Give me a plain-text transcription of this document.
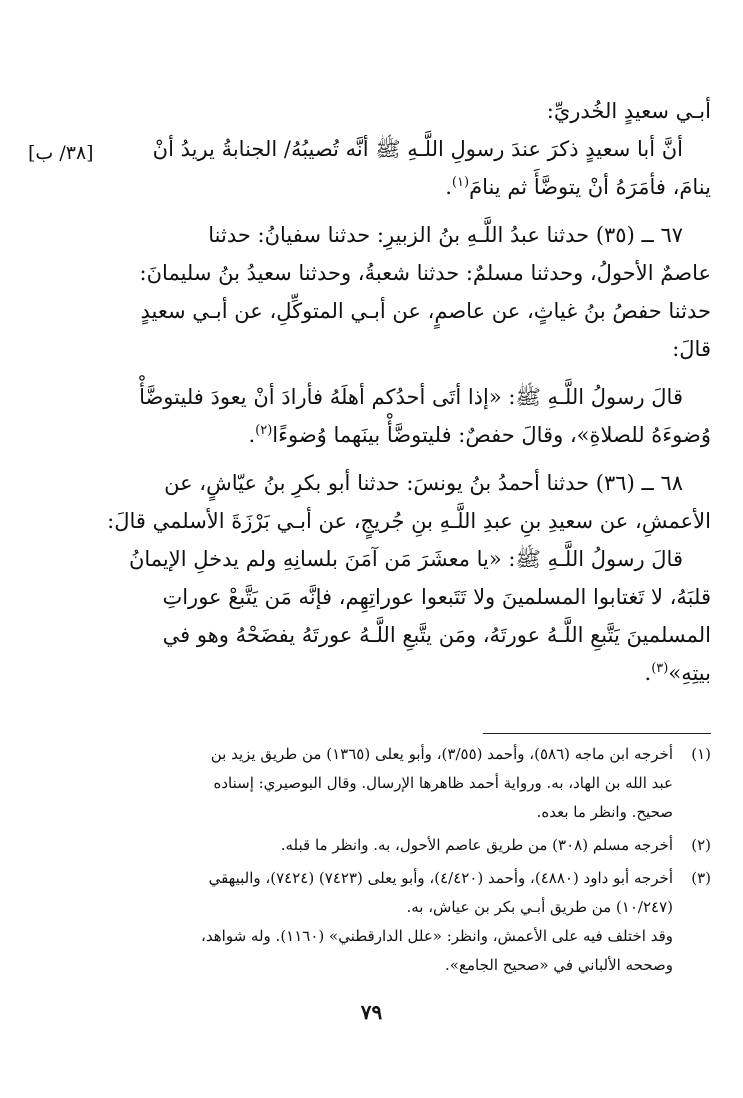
[٣٨/ ب]

أبـي سعيدٍ الخُدريِّ:

أنَّ أبا سعيدٍ ذكرَ عندَ رسولِ اللَّـهِ ﷺ أنَّه تُصيبُهُ/ الجنابةُ يريدُ أنْ

ينامَ، فأمَرَهُ أنْ يتوضَّأَ ثم ينامَ$^{(١)}$.

٦٧ ــ (٣٥) حدثنا عبدُ اللَّـهِ بنُ الزبيرِ: حدثنا سفيانُ: حدثنا

عاصمٌ الأحولُ، وحدثنا مسلمٌ: حدثنا شعبةُ، وحدثنا سعيدُ بنُ سليمانَ:

حدثنا حفصُ بنُ غياثٍ، عن عاصمٍ، عن أبـي المتوكِّلِ، عن أبـي سعيدٍ

قالَ:

قالَ رسولُ اللَّـهِ ﷺ: «إذا أتَى أحدُكم أهلَهُ فأرادَ أنْ يعودَ فليتوضَّأْ

وُضوءَهُ للصلاةِ»، وقالَ حفصٌ: فليتوضَّأْ بينَهما وُضوءًا$^{(٢)}$.

٦٨ ــ (٣٦) حدثنا أحمدُ بنُ يونسَ: حدثنا أبو بكرِ بنُ عيّاشٍ، عن

الأعمشِ، عن سعيدِ بنِ عبدِ اللَّـهِ بنِ جُريجٍ، عن أبـي بَرْزَةَ الأسلمي قالَ:

قالَ رسولُ اللَّـهِ ﷺ: «يا معشَرَ مَن آمَنَ بلسانِهِ ولم يدخلِ الإيمانُ

قلبَهُ، لا تَغتابوا المسلمينَ ولا تَتَبعوا عوراتِهِم، فإنَّه مَن يَتَّبعْ عوراتِ

المسلمينَ يَتَّبعِ اللَّـهُ عورتَهُ، ومَن يتَّبعِ اللَّـهُ عورتَهُ يفضَحْهُ وهو في

بيتِهِ»$^{(٣)}$.

(١)
أخرجه ابن ماجه (٥٨٦)، وأحمد (٣/٥٥)، وأبو يعلى (١٣٦٥) من طريق يزيد بن
عبد الله بن الهاد، به. ورواية أحمد ظاهرها الإرسال. وقال البوصيري: إسناده
صحيح. وانظر ما بعده.
(٢)
أخرجه مسلم (٣٠٨) من طريق عاصم الأحول، به. وانظر ما قبله.
(٣)
أخرجه أبو داود (٤٨٨٠)، وأحمد (٤/٤٢٠)، وأبو يعلى (٧٤٢٣) (٧٤٢٤)، والبيهقي
(١٠/٢٤٧) من طريق أبـي بكر بن عياش، به.
وقد اختلف فيه على الأعمش، وانظر: «علل الدارقطني» (١١٦٠). وله شواهد،
وصححه الألباني في «صحيح الجامع».
٧٩
